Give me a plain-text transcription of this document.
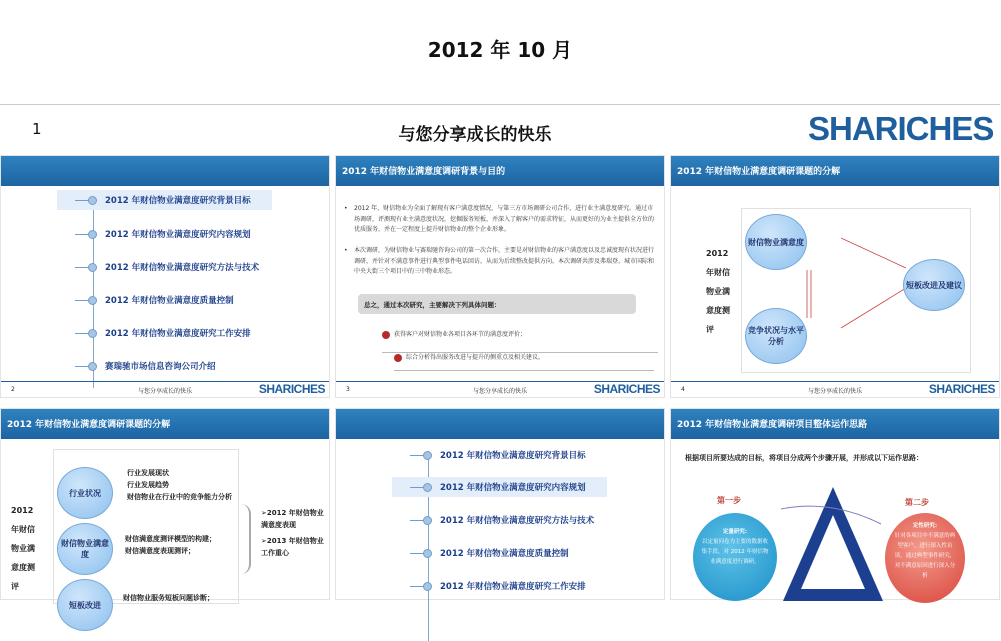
2012 年 10 月
1	与您分享成长的快乐	SHARICHES
2012 年财信物业满意度研究背景目标
2012 年财信物业满意度研究内容规划
2012 年财信物业满意度研究方法与技术
2012 年财信物业满意度质量控制
2012 年财信物业满意度研究工作安排
赛瑞驰市场信息咨询公司介绍
2	与您分享成长的快乐	SHARICHES
2012 年财信物业满意度调研背景与目的
• 2012 年，财信物业为全面了解现有客户满意度情况，与第三方市场调研公司合作，进行业主满意度研究。通过市场调研，评测现有业主满意度状况，挖掘服务短板，并深入了解客户的需求特征，从而更好的为业主提供全方位的优质服务，并在一定程度上提升财信物业的整个企业形象。
• 本次调研，为财信物业与赛瑞驰咨询公司的第一次合作，主要是对财信物业的客户满意度以及忠诚度现有状况进行调研，并针对不满意事件进行典型事件电话回访，从而为后续整改提供方向。本次调研共涉及弗瑞登、城市国际和中央大街三个项目中的三中物业形态。
总之，通过本次研究，主要解决下列具体问题：
获得客户对财信物业各项目各环节的满意度评价；
综合分析得出服务改进与提升的侧重点及相关建议。
3	与您分享成长的快乐	SHARICHES
2012 年财信物业满意度调研课题的分解
2012
年财信
物业满
意度测
评
财信物业满意度
竞争状况与水平分析
短板改进及建议
4	与您分享成长的快乐	SHARICHES
2012 年财信物业满意度调研课题的分解
2012
年财信
物业满
意度测
评
行业状况
财信物业满意度
短板改进
行业发展现状
行业发展趋势
财信物业在行业中的竞争能力分析
财信满意度测评模型的构建；
财信满意度表现测评；
财信物业服务短板问题诊断；
➢2012 年财信物业满意度表现
➢2013 年财信物业工作重心
2012 年财信物业满意度研究背景目标
2012 年财信物业满意度研究内容规划
2012 年财信物业满意度研究方法与技术
2012 年财信物业满意度质量控制
2012 年财信物业满意度研究工作安排
2012 年财信物业满意度调研项目整体运作思路
根据项目所要达成的目标，将项目分成两个步骤开展，并形成以下运作思路：
第一步	第二步
定量研究:
以定量问卷为主要的数据收集手段，对 2012 年财信物业满意度进行调研。
定性研究:
针对各项目中不满意的典型客户，进行深入性访谈，通过典型事件研究，对不满意原因进行深入分析
